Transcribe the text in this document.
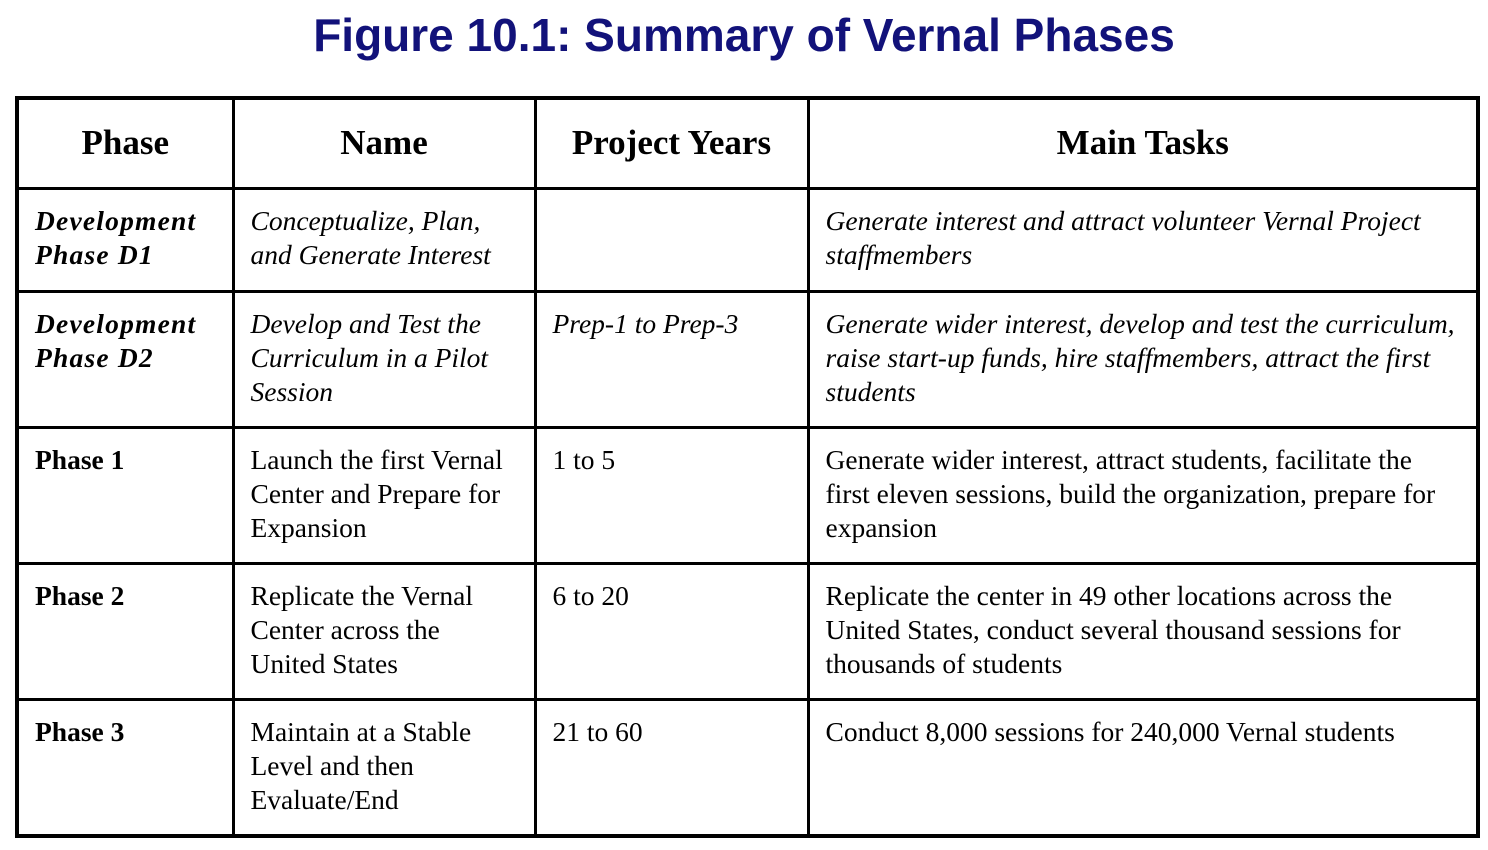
Figure 10.1: Summary of Vernal Phases
Phase	Name	Project Years	Main Tasks
Development Phase D1	Conceptualize, Plan, and Generate Interest		Generate interest and attract volunteer Vernal Project staffmembers
Development Phase D2	Develop and Test the Curriculum in a Pilot Session	Prep-1 to Prep-3	Generate wider interest, develop and test the curriculum, raise start-up funds, hire staffmembers, attract the first students
Phase 1	Launch the first Vernal Center and Prepare for Expansion	1 to 5	Generate wider interest, attract students, facilitate the first eleven sessions, build the organization, prepare for expansion
Phase 2	Replicate the Vernal Center across the United States	6 to 20	Replicate the center in 49 other locations across the United States, conduct several thousand sessions for thousands of students
Phase 3	Maintain at a Stable Level and then Evaluate/End	21 to 60	Conduct 8,000 sessions for 240,000 Vernal students
